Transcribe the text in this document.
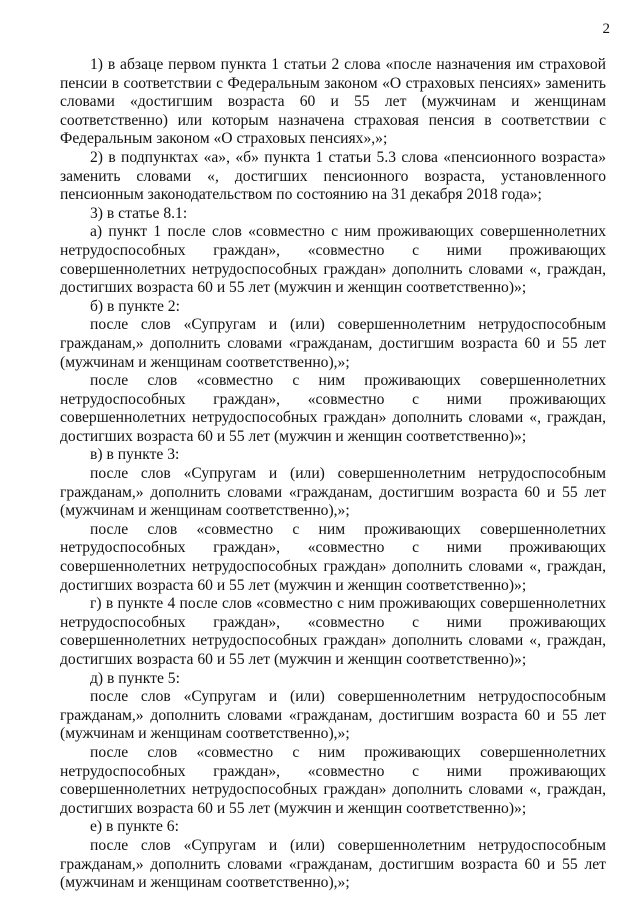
2

1) в абзаце первом пункта 1 статьи 2 слова «после назначения им страховой пенсии в соответствии с Федеральным законом «О страховых пенсиях» заменить словами «достигшим возраста 60 и 55 лет (мужчинам и женщинам соответственно) или которым назначена страховая пенсия в соответствии с Федеральным законом «О страховых пенсиях»,»;

2) в подпунктах «а», «б» пункта 1 статьи 5.3 слова «пенсионного возраста» заменить словами «, достигших пенсионного возраста, установленного пенсионным законодательством по состоянию на 31 декабря 2018 года»;

3) в статье 8.1:

а) пункт 1 после слов «совместно с ним проживающих совершеннолетних нетрудоспособных граждан», «совместно с ними проживающих совершеннолетних нетрудоспособных граждан» дополнить словами «, граждан, достигших возраста 60 и 55 лет (мужчин и женщин соответственно)»;

б) в пункте 2:

после слов «Супругам и (или) совершеннолетним нетрудоспособным гражданам,» дополнить словами «гражданам, достигшим возраста 60 и 55 лет (мужчинам и женщинам соответственно),»;

после слов «совместно с ним проживающих совершеннолетних нетрудоспособных граждан», «совместно с ними проживающих совершеннолетних нетрудоспособных граждан» дополнить словами «, граждан, достигших возраста 60 и 55 лет (мужчин и женщин соответственно)»;

в) в пункте 3:

после слов «Супругам и (или) совершеннолетним нетрудоспособным гражданам,» дополнить словами «гражданам, достигшим возраста 60 и 55 лет (мужчинам и женщинам соответственно),»;

после слов «совместно с ним проживающих совершеннолетних нетрудоспособных граждан», «совместно с ними проживающих совершеннолетних нетрудоспособных граждан» дополнить словами «, граждан, достигших возраста 60 и 55 лет (мужчин и женщин соответственно)»;

г) в пункте 4 после слов «совместно с ним проживающих совершеннолетних нетрудоспособных граждан», «совместно с ними проживающих совершеннолетних нетрудоспособных граждан» дополнить словами «, граждан, достигших возраста 60 и 55 лет (мужчин и женщин соответственно)»;

д) в пункте 5:

после слов «Супругам и (или) совершеннолетним нетрудоспособным гражданам,» дополнить словами «гражданам, достигшим возраста 60 и 55 лет (мужчинам и женщинам соответственно),»;

после слов «совместно с ним проживающих совершеннолетних нетрудоспособных граждан», «совместно с ними проживающих совершеннолетних нетрудоспособных граждан» дополнить словами «, граждан, достигших возраста 60 и 55 лет (мужчин и женщин соответственно)»;

е) в пункте 6:

после слов «Супругам и (или) совершеннолетним нетрудоспособным гражданам,» дополнить словами «гражданам, достигшим возраста 60 и 55 лет (мужчинам и женщинам соответственно),»;
